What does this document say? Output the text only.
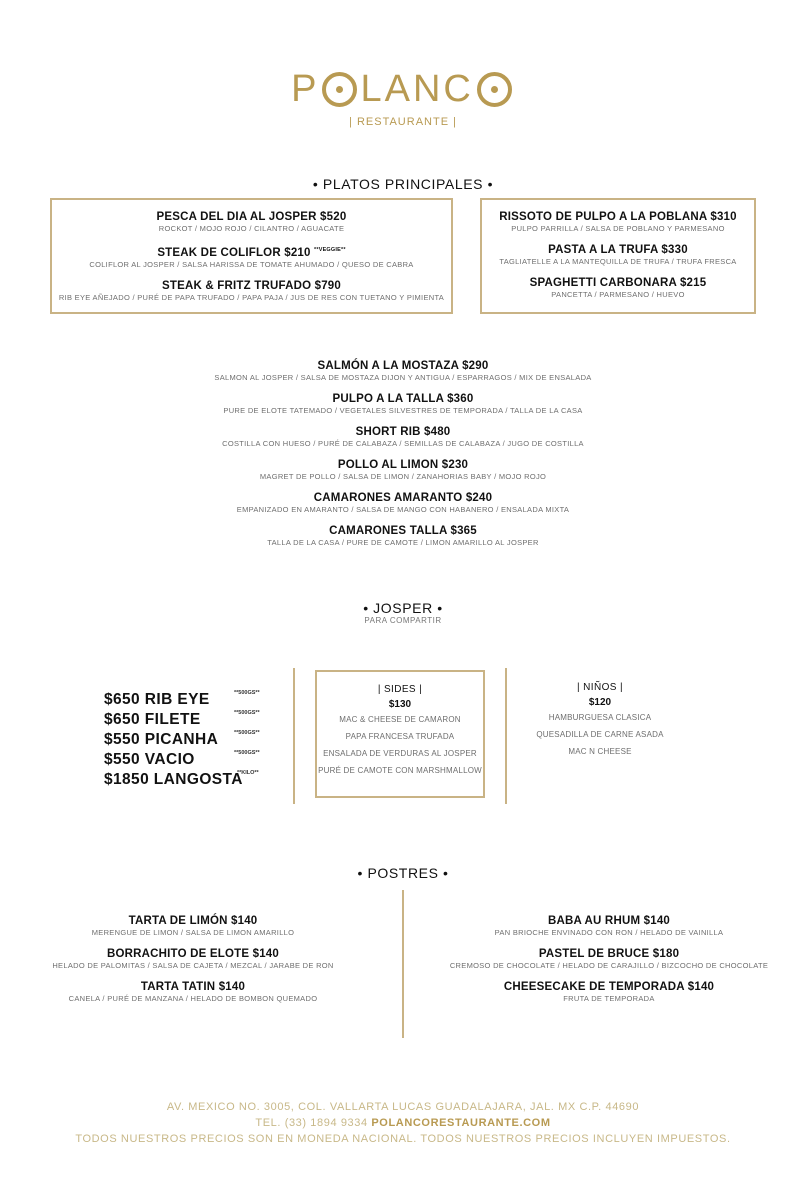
P LANC
| RESTAURANTE |
• PLATOS PRINCIPALES •
PESCA DEL DIA AL JOSPER $520
ROCKOT / MOJO ROJO / CILANTRO / AGUACATE
STEAK DE COLIFLOR $210 $^{**VEGGIE**}$
COLIFLOR AL JOSPER / SALSA HARISSA DE TOMATE AHUMADO / QUESO DE CABRA
STEAK & FRITZ TRUFADO $790
RIB EYE AÑEJADO / PURÉ DE PAPA TRUFADO / PAPA PAJA / JUS DE RES CON TUETANO Y PIMIENTA
RISSOTO DE PULPO A LA POBLANA $310
PULPO PARRILLA / SALSA DE POBLANO Y PARMESANO
PASTA A LA TRUFA $330
TAGLIATELLE A LA MANTEQUILLA DE TRUFA / TRUFA FRESCA
SPAGHETTI CARBONARA $215
PANCETTA / PARMESANO / HUEVO
SALMÓN A LA MOSTAZA $290
SALMON AL JOSPER / SALSA DE MOSTAZA DIJON Y ANTIGUA / ESPARRAGOS / MIX DE ENSALADA
PULPO A LA TALLA $360
PURE DE ELOTE TATEMADO / VEGETALES SILVESTRES DE TEMPORADA / TALLA DE LA CASA
SHORT RIB $480
COSTILLA CON HUESO / PURÉ DE CALABAZA / SEMILLAS DE CALABAZA / JUGO DE COSTILLA
POLLO AL LIMON $230
MAGRET DE POLLO / SALSA DE LIMON / ZANAHORIAS BABY / MOJO ROJO
CAMARONES AMARANTO $240
EMPANIZADO EN AMARANTO / SALSA DE MANGO CON HABANERO / ENSALADA MIXTA
CAMARONES TALLA $365
TALLA DE LA CASA / PURE DE CAMOTE / LIMON AMARILLO AL JOSPER
• JOSPER •
PARA COMPARTIR
$650 RIB EYE	**500GS**
$650 FILETE	**500GS**
$550 PICANHA	**500GS**
$550 VACIO	**500GS**
$1850 LANGOSTA
**KILO**
| SIDES |
$130
MAC & CHEESE DE CAMARON
PAPA FRANCESA TRUFADA
ENSALADA DE VERDURAS AL JOSPER
PURÉ DE CAMOTE CON MARSHMALLOW
| NIÑOS |
$120
HAMBURGUESA CLASICA
QUESADILLA DE CARNE ASADA
MAC N CHEESE
• POSTRES •
TARTA DE LIMÓN $140
MERENGUE DE LIMON / SALSA DE LIMON AMARILLO
BORRACHITO DE ELOTE $140
HELADO DE PALOMITAS / SALSA DE CAJETA / MEZCAL / JARABE DE RON
TARTA TATIN $140
CANELA / PURÉ DE MANZANA / HELADO DE BOMBON QUEMADO
BABA AU RHUM $140
PAN BRIOCHE ENVINADO CON RON / HELADO DE VAINILLA
PASTEL DE BRUCE $180
CREMOSO DE CHOCOLATE / HELADO DE CARAJILLO / BIZCOCHO DE CHOCOLATE
CHEESECAKE DE TEMPORADA $140
FRUTA DE TEMPORADA
AV. MEXICO NO. 3005, COL. VALLARTA LUCAS GUADALAJARA, JAL. MX C.P. 44690
TEL. (33) 1894 9334 POLANCORESTAURANTE.COM
TODOS NUESTROS PRECIOS SON EN MONEDA NACIONAL. TODOS NUESTROS PRECIOS INCLUYEN IMPUESTOS.
